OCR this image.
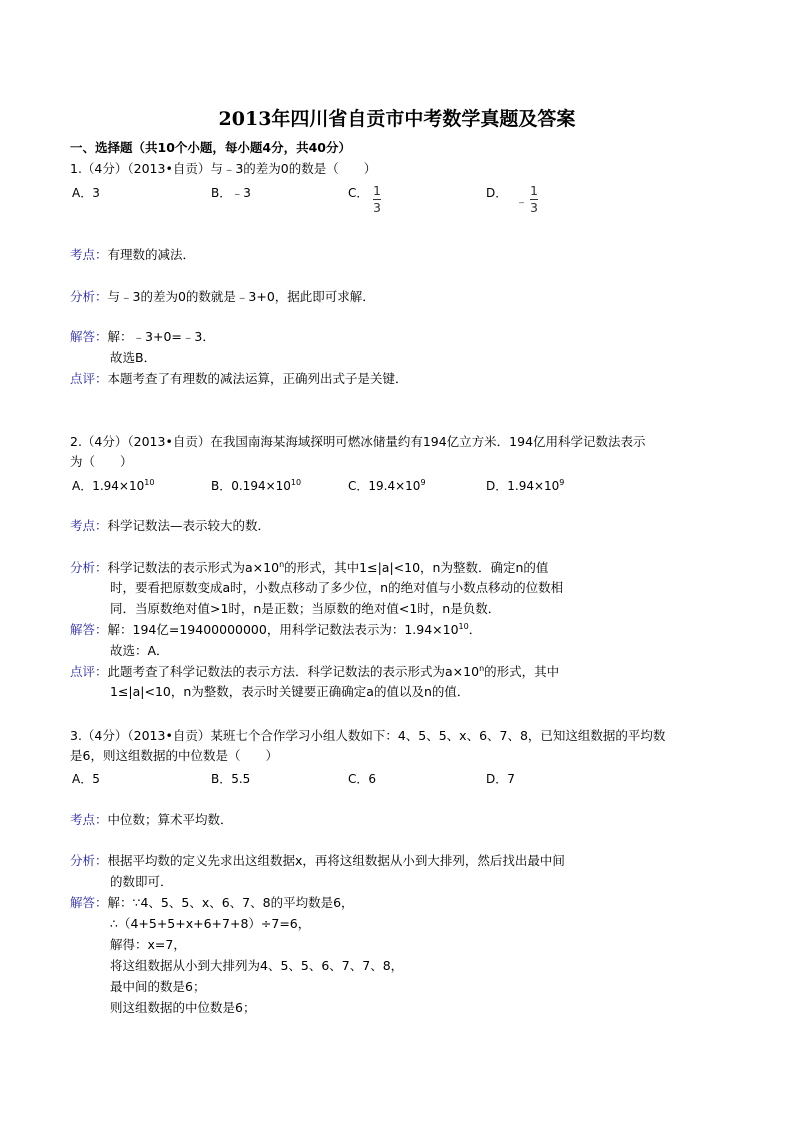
2013年四川省自贡市中考数学真题及答案
一、选择题（共10个小题，每小题4分，共40分）
1.（4分）（2013•自贡）与﹣3的差为0的数是（　　）
A．3	B．﹣3	C． 1
3
D．
﹣
1
3
考点：有理数的减法．
分析：与﹣3的差为0的数就是﹣3+0，据此即可求解．
解答：解：﹣3+0=﹣3．
故选B．
点评：本题考查了有理数的减法运算，正确列出式子是关键．
2.（4分）（2013•自贡）在我国南海某海域探明可燃冰储量约有194亿立方米．194亿用科学记数法表示
为（　　）
A．$1.94\times 10^{10}$	B．$0.194\times 10^{10}$	C．$19.4\times 10^9$	D．$1.94\times 10^9$
考点：科学记数法—表示较大的数．
分析：科学记数法的表示形式为$a\times 10^n$的形式，其中1≤|a|<10，n为整数．确定n的值
时，要看把原数变成a时，小数点移动了多少位，n的绝对值与小数点移动的位数相
同．当原数绝对值>1时，n是正数；当原数的绝对值<1时，n是负数．
解答：解：194亿=19400000000，用科学记数法表示为：$1.94\times 10^{10}$．
故选：A．
点评：此题考查了科学记数法的表示方法．科学记数法的表示形式为$a\times 10^n$的形式，其中
1≤|a|<10，n为整数，表示时关键要正确确定a的值以及n的值．
3.（4分）（2013•自贡）某班七个合作学习小组人数如下：4、5、5、x、6、7、8，已知这组数据的平均数
是6，则这组数据的中位数是（　　）
A．5	B．5.5	C．6	D．7
考点：中位数；算术平均数．
分析：根据平均数的定义先求出这组数据x，再将这组数据从小到大排列，然后找出最中间
的数即可．
解答：解：∵4、5、5、x、6、7、8的平均数是6，
∴（4+5+5+x+6+7+8）÷7=6，
解得：x=7，
将这组数据从小到大排列为4、5、5、6、7、7、8，
最中间的数是6；
则这组数据的中位数是6；
